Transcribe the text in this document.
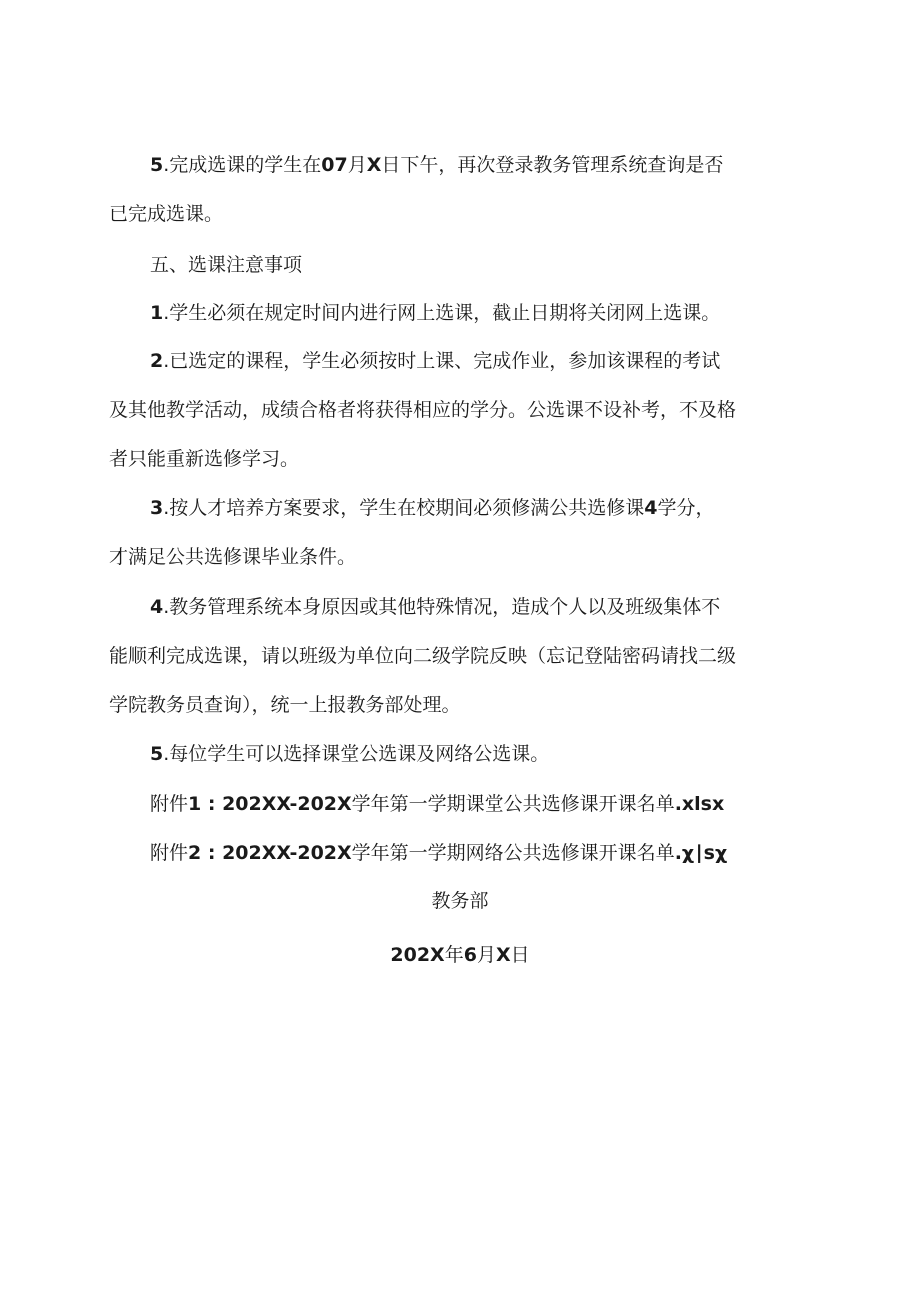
5.完成选课的学生在07月X日下午，再次登录教务管理系统查询是否
已完成选课。
五、选课注意事项
1.学生必须在规定时间内进行网上选课，截止日期将关闭网上选课。
2.已选定的课程，学生必须按时上课、完成作业，参加该课程的考试
及其他教学活动，成绩合格者将获得相应的学分。公选课不设补考，不及格
者只能重新选修学习。
3.按人才培养方案要求，学生在校期间必须修满公共选修课4学分，
才满足公共选修课毕业条件。
4.教务管理系统本身原因或其他特殊情况，造成个人以及班级集体不
能顺利完成选课，请以班级为单位向二级学院反映（忘记登陆密码请找二级
学院教务员查询），统一上报教务部处理。
5.每位学生可以选择课堂公选课及网络公选课。
附件1 : 202XX-202X学年第一学期课堂公共选修课开课名单.xlsx
附件2 : 202XX-202X学年第一学期网络公共选修课开课名单.χ∣sχ
教务部
202X年6月X日
